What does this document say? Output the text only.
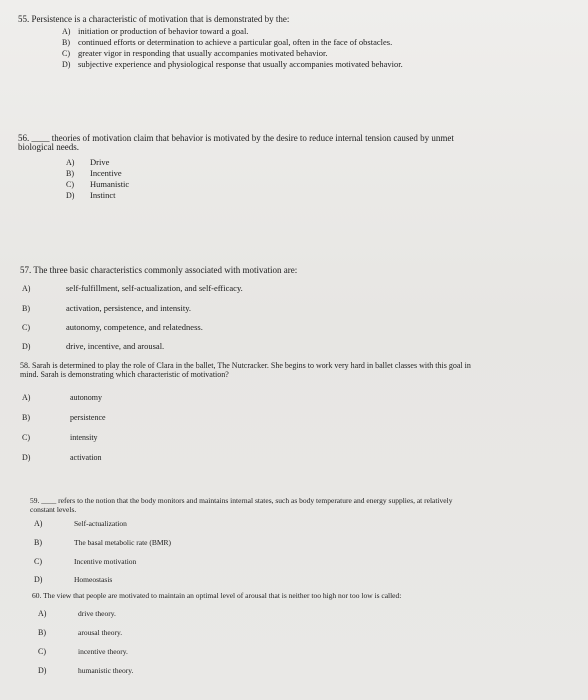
55. Persistence is a characteristic of motivation that is demonstrated by the:
A) initiation or production of behavior toward a goal.
B) continued efforts or determination to achieve a particular goal, often in the face of obstacles.
C) greater vigor in responding that usually accompanies motivated behavior.
D) subjective experience and physiological response that usually accompanies motivated behavior.
56. ____ theories of motivation claim that behavior is motivated by the desire to reduce internal tension caused by unmet
biological needs.
A) Drive
B) Incentive
C) Humanistic
D) Instinct
57. The three basic characteristics commonly associated with motivation are:
A)	self-fulfillment, self-actualization, and self-efficacy.
B)	activation, persistence, and intensity.
C)	autonomy, competence, and relatedness.
D)	drive, incentive, and arousal.
58. Sarah is determined to play the role of Clara in the ballet, The Nutcracker. She begins to work very hard in ballet classes with this goal in
mind. Sarah is demonstrating which characteristic of motivation?
A)	autonomy
B)	persistence
C)	intensity
D)	activation
59. ____ refers to the notion that the body monitors and maintains internal states, such as body temperature and energy supplies, at relatively
constant levels.
A)	Self-actualization
B)	The basal metabolic rate (BMR)
C)	Incentive motivation
D)	Homeostasis
60. The view that people are motivated to maintain an optimal level of arousal that is neither too high nor too low is called:
A)	drive theory.
B)	arousal theory.
C)	incentive theory.
D)	humanistic theory.
